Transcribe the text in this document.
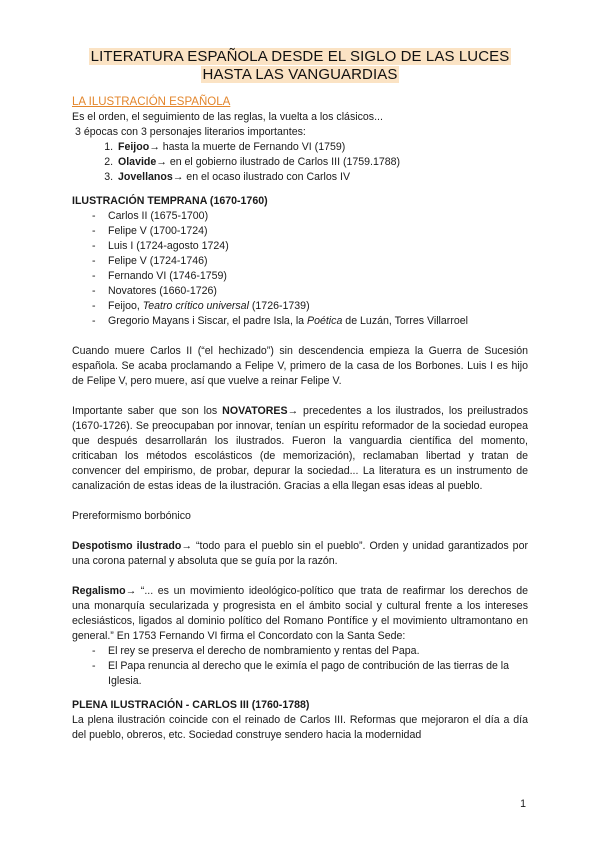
LITERATURA ESPAÑOLA DESDE EL SIGLO DE LAS LUCES
HASTA LAS VANGUARDIAS
LA ILUSTRACIÓN ESPAÑOLA

Es el orden, el seguimiento de las reglas, la vuelta a los clásicos...

3 épocas con 3 personajes literarios importantes:

1. Feijoo→ hasta la muerte de Fernando VI (1759)
2. Olavide→ en el gobierno ilustrado de Carlos III (1759.1788)
3. Jovellanos→ en el ocaso ilustrado con Carlos IV
ILUSTRACIÓN TEMPRANA (1670-1760)
- Carlos II (1675-1700)
- Felipe V (1700-1724)
- Luis I (1724-agosto 1724)
- Felipe V (1724-1746)
- Fernando VI (1746-1759)
- Novatores (1660-1726)
- Feijoo, Teatro crítico universal (1726-1739)
- Gregorio Mayans i Siscar, el padre Isla, la Poética de Luzán, Torres Villarroel

Cuando muere Carlos II (“el hechizado”) sin descendencia empieza la Guerra de Sucesión española. Se acaba proclamando a Felipe V, primero de la casa de los Borbones. Luis I es hijo de Felipe V, pero muere, así que vuelve a reinar Felipe V.

Importante saber que son los NOVATORES→ precedentes a los ilustrados, los preilustrados (1670-1726). Se preocupaban por innovar, tenían un espíritu reformador de la sociedad europea que después desarrollarán los ilustrados. Fueron la vanguardia científica del momento, criticaban los métodos escolásticos (de memorización), reclamaban libertad y tratan de convencer del empirismo, de probar, depurar la sociedad... La literatura es un instrumento de canalización de estas ideas de la ilustración. Gracias a ella llegan esas ideas al pueblo.

Prereformismo borbónico

Despotismo ilustrado→ “todo para el pueblo sin el pueblo”. Orden y unidad garantizados por una corona paternal y absoluta que se guía por la razón.

Regalismo→ “... es un movimiento ideológico-político que trata de reafirmar los derechos de una monarquía secularizada y progresista en el ámbito social y cultural frente a los intereses eclesiásticos, ligados al dominio político del Romano Pontífice y el movimiento ultramontano en general.” En 1753 Fernando VI firma el Concordato con la Santa Sede:

- El rey se preserva el derecho de nombramiento y rentas del Papa.
- El Papa renuncia al derecho que le eximía el pago de contribución de las tierras de la Iglesia.
PLENA ILUSTRACIÓN - CARLOS III (1760-1788)

La plena ilustración coincide con el reinado de Carlos III. Reformas que mejoraron el día a día del pueblo, obreros, etc. Sociedad construye sendero hacia la modernidad

1
